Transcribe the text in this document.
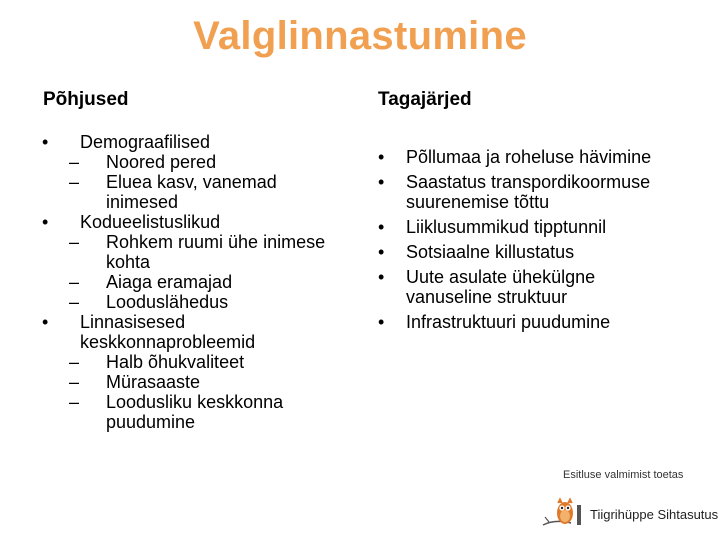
Valglinnastumine
Põhjused	Tagajärjed
• Demograafilised
– Noored pered
– Eluea kasv, vanemad inimesed
• Kodueelistuslikud
– Rohkem ruumi ühe inimese kohta
– Aiaga eramajad
– Looduslähedus
• Linnasisesed keskkonnaprobleemid
– Halb õhukvaliteet
– Mürasaaste
– Loodusliku keskkonna puudumine
• Põllumaa ja roheluse hävimine
• Saastatus transpordikoormuse suurenemise tõttu
• Liiklusummikud tipptunnil
• Sotsiaalne killustatus
• Uute asulate ühekülgne vanuseline struktuur
• Infrastruktuuri puudumine
Esitluse valmimist toetas
Tiigrihüppe Sihtasutus
